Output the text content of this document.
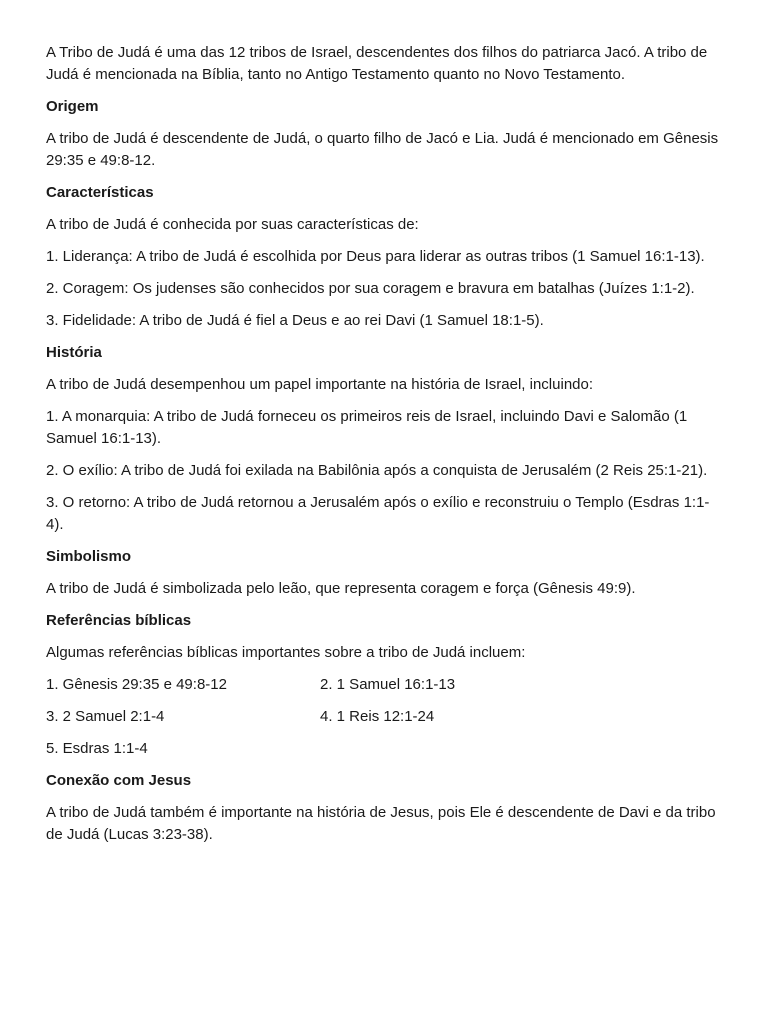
A Tribo de Judá é uma das 12 tribos de Israel, descendentes dos filhos do patriarca Jacó. A tribo de Judá é mencionada na Bíblia, tanto no Antigo Testamento quanto no Novo Testamento.

Origem

A tribo de Judá é descendente de Judá, o quarto filho de Jacó e Lia. Judá é mencionado em Gênesis 29:35 e 49:8-12.

Características

A tribo de Judá é conhecida por suas características de:

1. Liderança: A tribo de Judá é escolhida por Deus para liderar as outras tribos (1 Samuel 16:1-13).

2. Coragem: Os judenses são conhecidos por sua coragem e bravura em batalhas (Juízes 1:1-2).

3. Fidelidade: A tribo de Judá é fiel a Deus e ao rei Davi (1 Samuel 18:1-5).

História

A tribo de Judá desempenhou um papel importante na história de Israel, incluindo:

1. A monarquia: A tribo de Judá forneceu os primeiros reis de Israel, incluindo Davi e Salomão (1 Samuel 16:1-13).

2. O exílio: A tribo de Judá foi exilada na Babilônia após a conquista de Jerusalém (2 Reis 25:1-21).

3. O retorno: A tribo de Judá retornou a Jerusalém após o exílio e reconstruiu o Templo (Esdras 1:1-4).

Simbolismo

A tribo de Judá é simbolizada pelo leão, que representa coragem e força (Gênesis 49:9).

Referências bíblicas

Algumas referências bíblicas importantes sobre a tribo de Judá incluem:

1. Gênesis 29:35 e 49:8-12	2. 1 Samuel 16:1-13

3. 2 Samuel 2:1-4	4. 1 Reis 12:1-24

5. Esdras 1:1-4

Conexão com Jesus

A tribo de Judá também é importante na história de Jesus, pois Ele é descendente de Davi e da tribo de Judá (Lucas 3:23-38).
